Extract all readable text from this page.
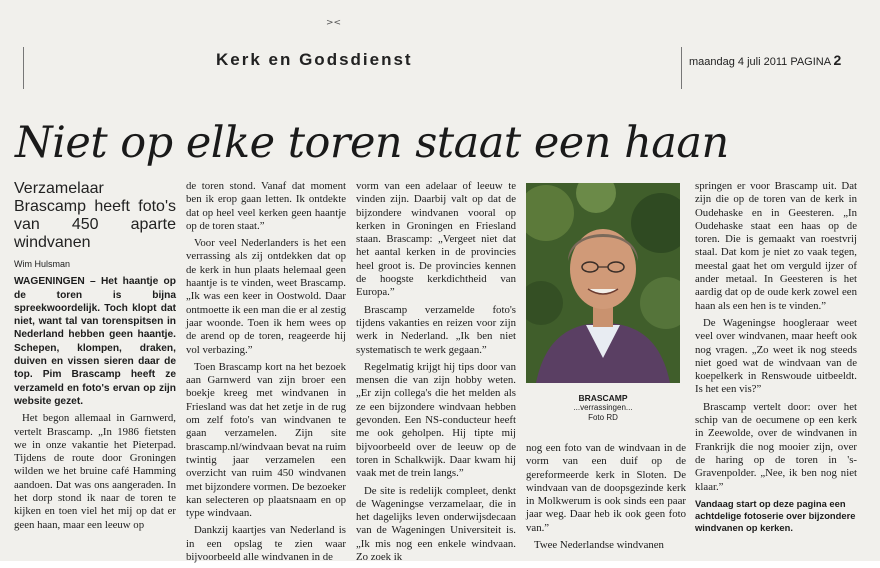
><
Kerk en Godsdienst	maandag 4 juli 2011 PAGINA 2
Niet op elke toren staat een haan
Verzamelaar Brascamp heeft foto's van 450 aparte windvanen
Wim Hulsman

WAGENINGEN – Het haantje op de toren is bijna spreekwoordelijk. Toch klopt dat niet, want tal van torenspitsen in Nederland hebben geen haantje. Schepen, klompen, draken, duiven en vissen sieren daar de top. Pim Brascamp heeft ze verzameld en foto's ervan op zijn website gezet.

Het begon allemaal in Garnwerd, vertelt Brascamp. „In 1986 fietsten we in onze vakantie het Pieterpad. Tijdens de route door Groningen wilden we het bruine café Hamming aandoen. Dat was ons aangeraden. In het dorp stond ik naar de toren te kijken en toen viel het mij op dat er geen haan, maar een leeuw op

de toren stond. Vanaf dat moment ben ik erop gaan letten. Ik ontdekte dat op heel veel kerken geen haantje op de toren staat.”

Voor veel Nederlanders is het een verrassing als zij ontdekken dat op de kerk in hun plaats helemaal geen haantje is te vinden, weet Brascamp. „Ik was een keer in Oostwold. Daar ontmoette ik een man die er al zestig jaar woonde. Toen ik hem wees op de arend op de toren, reageerde hij vol verbazing.”

Toen Brascamp kort na het bezoek aan Garnwerd van zijn broer een boekje kreeg met windvanen in Friesland was dat het zetje in de rug om zelf foto's van windvanen te gaan verzamelen. Zijn site brascamp.nl/windvaan bevat na ruim twintig jaar verzamelen een overzicht van ruim 450 windvanen met bijzondere vormen. De bezoeker kan selecteren op plaatsnaam en op type windvaan.

Dankzij kaartjes van Nederland is in een opslag te zien waar bijvoorbeeld alle windvanen in de

vorm van een adelaar of leeuw te vinden zijn. Daarbij valt op dat de bijzondere windvanen vooral op kerken in Groningen en Friesland staan. Brascamp: „Vergeet niet dat het aantal kerken in de provincies heel groot is. De provincies kennen de hoogste kerkdichtheid van Europa.”

Brascamp verzamelde foto's tijdens vakanties en reizen voor zijn werk in Nederland. „Ik ben niet systematisch te werk gegaan.”

Regelmatig krijgt hij tips door van mensen die van zijn hobby weten. „Er zijn collega's die het melden als ze een bijzondere windvaan hebben gevonden. Een NS-conducteur heeft me ook geholpen. Hij tipte mij bijvoorbeeld over de leeuw op de toren in Schalkwijk. Daar kwam hij vaak met de trein langs.”

De site is redelijk compleet, denkt de Wageningse verzamelaar, die in het dagelijks leven onderwijsdecaan van de Wageningen Universiteit is. „Ik mis nog een enkele windvaan. Zo zoek ik

BRASCAMP
...verrassingen...
Foto RD

nog een foto van de windvaan in de vorm van een duif op de gereformeerde kerk in Sloten. De windvaan van de doopsgezinde kerk in Molkwerum is ook sinds een paar jaar weg. Daar heb ik ook geen foto van.”

Twee Nederlandse windvanen

springen er voor Brascamp uit. Dat zijn die op de toren van de kerk in Oudehaske en in Geesteren. „In Oudehaske staat een haas op de toren. Die is gemaakt van roestvrij staal. Dat kom je niet zo vaak tegen, meestal gaat het om verguld ijzer of ander metaal. In Geesteren is het aardig dat op de oude kerk zowel een haan als een hen is te vinden.”

De Wageningse hoogleraar weet veel over windvanen, maar heeft ook nog vragen. „Zo weet ik nog steeds niet goed wat de windvaan van de koepelkerk in Renswoude uitbeeldt. Is het een vis?”

Brascamp vertelt door: over het schip van de oecumene op een kerk in Zeewolde, over de windvanen in Frankrijk die nog mooier zijn, over de haring op de toren in 's-Gravenpolder. „Nee, ik ben nog niet klaar.”

Vandaag start op deze pagina een achtdelige fotoserie over bijzondere windvanen op kerken.
